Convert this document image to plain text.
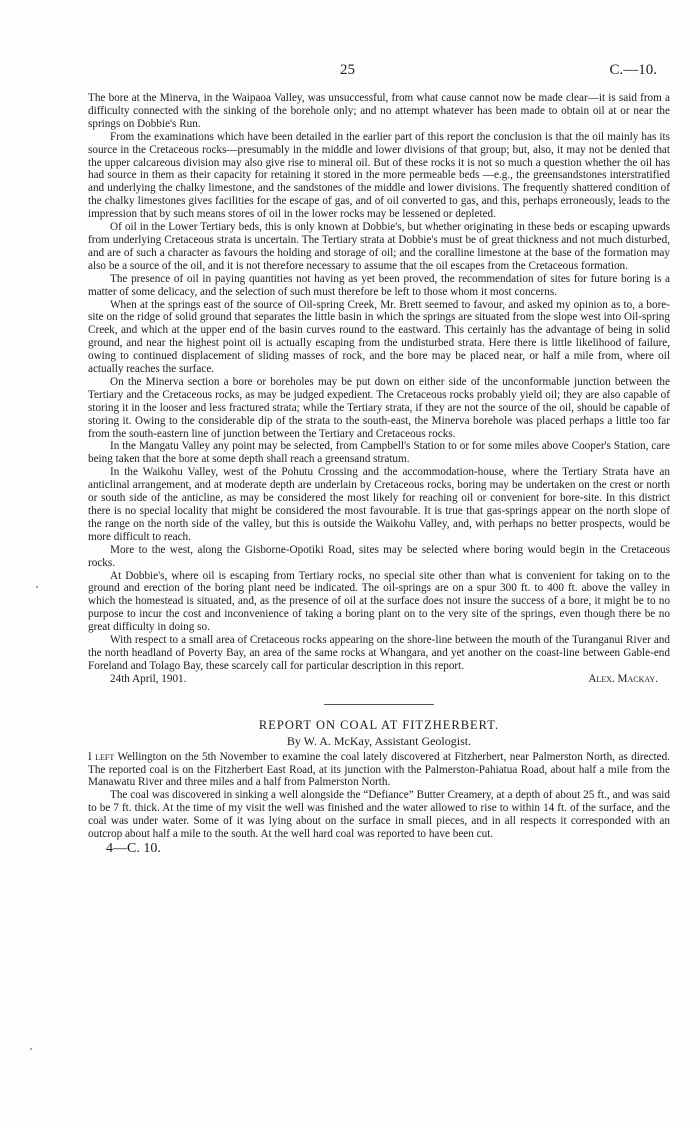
25	C.—10.

The bore at the Minerva, in the Waipaoa Valley, was unsuccessful, from what cause cannot now be made clear—it is said from a difficulty connected with the sinking of the borehole only; and no attempt whatever has been made to obtain oil at or near the springs on Dobbie's Run.

From the examinations which have been detailed in the earlier part of this report the conclusion is that the oil mainly has its source in the Cretaceous rocks—presumably in the middle and lower divisions of that group; but, also, it may not be denied that the upper calcareous division may also give rise to mineral oil. But of these rocks it is not so much a question whether the oil has had source in them as their capacity for retaining it stored in the more permeable beds —e.g., the greensandstones interstratified and underlying the chalky limestone, and the sandstones of the middle and lower divisions. The frequently shattered condition of the chalky limestones gives facilities for the escape of gas, and of oil converted to gas, and this, perhaps erroneously, leads to the impression that by such means stores of oil in the lower rocks may be lessened or depleted.

Of oil in the Lower Tertiary beds, this is only known at Dobbie's, but whether originating in these beds or escaping upwards from underlying Cretaceous strata is uncertain. The Tertiary strata at Dobbie's must be of great thickness and not much disturbed, and are of such a character as favours the holding and storage of oil; and the coralline limestone at the base of the formation may also be a source of the oil, and it is not therefore necessary to assume that the oil escapes from the Cretaceous formation.

The presence of oil in paying quantities not having as yet been proved, the recommendation of sites for future boring is a matter of some delicacy, and the selection of such must therefore be left to those whom it most concerns.

When at the springs east of the source of Oil-spring Creek, Mr. Brett seemed to favour, and asked my opinion as to, a bore-site on the ridge of solid ground that separates the little basin in which the springs are situated from the slope west into Oil-spring Creek, and which at the upper end of the basin curves round to the eastward. This certainly has the advantage of being in solid ground, and near the highest point oil is actually escaping from the undisturbed strata. Here there is little likelihood of failure, owing to continued displacement of sliding masses of rock, and the bore may be placed near, or half a mile from, where oil actually reaches the surface.

On the Minerva section a bore or boreholes may be put down on either side of the unconformable junction between the Tertiary and the Cretaceous rocks, as may be judged expedient. The Cretaceous rocks probably yield oil; they are also capable of storing it in the looser and less fractured strata; while the Tertiary strata, if they are not the source of the oil, should be capable of storing it. Owing to the considerable dip of the strata to the south-east, the Minerva borehole was placed perhaps a little too far from the south-eastern line of junction between the Tertiary and Cretaceous rocks.

In the Mangatu Valley any point may be selected, from Campbell's Station to or for some miles above Cooper's Station, care being taken that the bore at some depth shall reach a greensand stratum.

In the Waikohu Valley, west of the Pohutu Crossing and the accommodation-house, where the Tertiary Strata have an anticlinal arrangement, and at moderate depth are underlain by Cretaceous rocks, boring may be undertaken on the crest or north or south side of the anticline, as may be considered the most likely for reaching oil or convenient for bore-site. In this district there is no special locality that might be considered the most favourable. It is true that gas-springs appear on the north slope of the range on the north side of the valley, but this is outside the Waikohu Valley, and, with perhaps no better prospects, would be more difficult to reach.

More to the west, along the Gisborne-Opotiki Road, sites may be selected where boring would begin in the Cretaceous rocks.

At Dobbie's, where oil is escaping from Tertiary rocks, no special site other than what is convenient for taking on to the ground and erection of the boring plant need be indicated. The oil-springs are on a spur 300 ft. to 400 ft. above the valley in which the homestead is situated, and, as the presence of oil at the surface does not insure the success of a bore, it might be to no purpose to incur the cost and inconvenience of taking a boring plant on to the very site of the springs, even though there be no great difficulty in doing so.

With respect to a small area of Cretaceous rocks appearing on the shore-line between the mouth of the Turanganui River and the north headland of Poverty Bay, an area of the same rocks at Whangara, and yet another on the coast-line between Gable-end Foreland and Tolago Bay, these scarcely call for particular description in this report.

24th April, 1901.	Alex. Mackay.
REPORT ON COAL AT FITZHERBERT.
By W. A. McKay, Assistant Geologist.

I left Wellington on the 5th November to examine the coal lately discovered at Fitzherbert, near Palmerston North, as directed. The reported coal is on the Fitzherbert East Road, at its junction with the Palmerston-Pahiatua Road, about half a mile from the Manawatu River and three miles and a half from Palmerston North.

The coal was discovered in sinking a well alongside the “Defiance” Butter Creamery, at a depth of about 25 ft., and was said to be 7 ft. thick. At the time of my visit the well was finished and the water allowed to rise to within 14 ft. of the surface, and the coal was under water. Some of it was lying about on the surface in small pieces, and in all respects it corresponded with an outcrop about half a mile to the south. At the well hard coal was reported to have been cut.

4—C. 10.
